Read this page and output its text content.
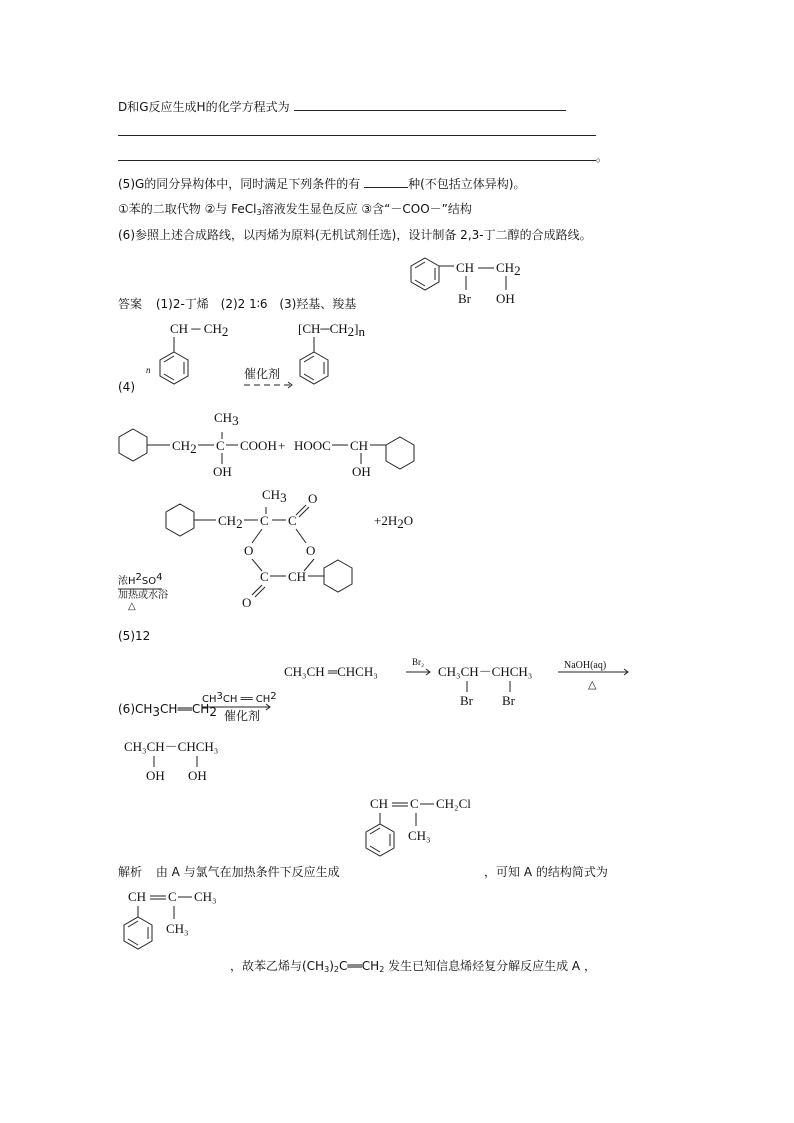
D和G反应生成H的化学方程式为
。
(5)G的同分异构体中，同时满足下列条件的有	种(不包括立体异构)。
①苯的二取代物 ②与 FeCl$_3$溶液发生显色反应 ③含“－COO－”结构
(6)参照上述合成路线，以丙烯为原料(无机试剂任选)，设计制备 2,3-丁二醇的合成路线。
CH CH2
Br OH
答案 (1)2-丁烯 (2)2 1∶6 (3)羟基、羧基
CH ─ CH2
n
(4)
催化剂
[CH─CH2]n
CH2 C
CH3
COOH
OH
+ HOOC CH
OH
CH2 C
CH3
C
O
O	O
C CH
O
+2H2O
浓H2SO4
加热或水浴
△
(5)12
CH₃CH ═CHCH₃
Br₂
CH₃CH－CHCH₃
Br Br
NaOH(aq)
△
(6)CH3CH══CH2
CH3CH ══ CH2
催化剂
CH₃CH－CHCH₃
OH OH
CH C CH₂Cl
CH₃
解析 由 A 与氯气在加热条件下反应生成	，可知 A 的结构简式为
CH C CH₃
CH₃
，故苯乙烯与$(CH_3)_2C══CH_2$ 发生已知信息烯烃复分解反应生成 A ，
